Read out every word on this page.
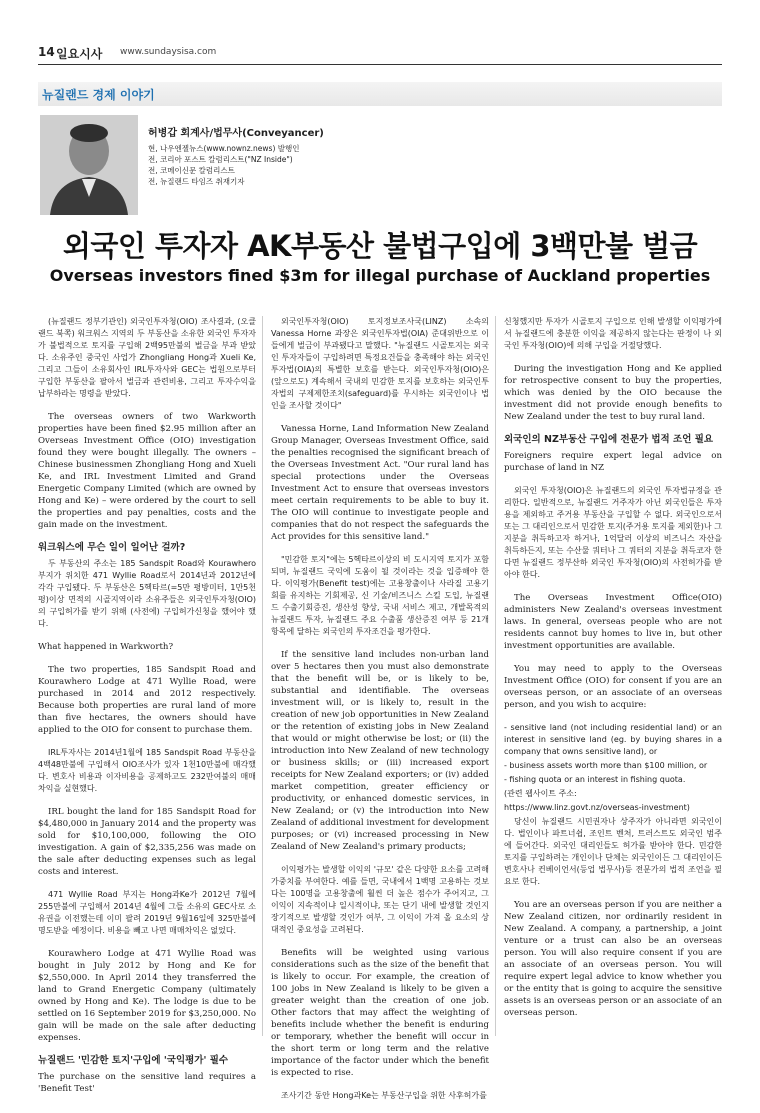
14 일요시사 www.sundaysisa.com
뉴질랜드 경제 이야기
허병갑 회계사/법무사(Conveyancer)
현, 나우엔젤뉴스(www.nownz.news) 발행인
전, 코리아 포스트 칼럼리스트("NZ Inside")
전, 코메이신문 칼럼리스트
전, 뉴질랜드 타임즈 취재기자
외국인 투자자 AK부동산 불법구입에 3백만불 벌금
Overseas investors fined $3m for illegal purchase of Auckland properties

(뉴질랜드 정부기관인) 외국인투자청(OIO) 조사결과, (오클랜드 북쪽) 워크워스 지역의 두 부동산을 소유한 외국인 투자자가 불법적으로 토지를 구입해 2백95만불의 벌금을 부과 받았다. 소유주인 중국인 사업가 Zhongliang Hong과 Xueli Ke, 그리고 그들이 소유회사인 IRL투자사와 GEC는 법원으로부터 구입한 부동산을 팔아서 벌금과 관련비용, 그리고 투자수익을 납부하라는 명령을 받았다.

The overseas owners of two Warkworth properties have been fined $2.95 million after an Overseas Investment Office (OIO) investigation found they were bought illegally. The owners – Chinese businessmen Zhongliang Hong and Xueli Ke, and IRL Investment Limited and Grand Energetic Company Limited (which are owned by Hong and Ke) – were ordered by the court to sell the properties and pay penalties, costs and the gain made on the investment.

워크워스에 무슨 일이 일어난 걸까?

두 부동산의 주소는 185 Sandspit Road와 Kourawhero 부지가 위치한 471 Wyllie Road로서 2014년과 2012년에 각각 구입됐다. 두 부동산은 5헥타르(=5만 평방미터, 1만5천평)이상 면적의 시골지역이라 소유주들은 외국인투자청(OIO) 의 구입허가를 받기 위해 (사전에) 구입허가신청을 했어야 했다.

What happened in Warkworth?

The two properties, 185 Sandspit Road and Kourawhero Lodge at 471 Wyllie Road, were purchased in 2014 and 2012 respectively. Because both properties are rural land of more than five hectares, the owners should have applied to the OIO for consent to purchase them.

IRL투자사는 2014년1월에 185 Sandspit Road 부동산을 4백48만불에 구입해서 OIO조사가 있자 1천10만불에 매각했다. 변호사 비용과 이자비용을 공제하고도 232만여불의 매매차익을 실현했다.

IRL bought the land for 185 Sandspit Road for $4,480,000 in January 2014 and the property was sold for $10,100,000, following the OIO investigation. A gain of $2,335,256 was made on the sale after deducting expenses such as legal costs and interest.

471 Wyllie Road 부지는 Hong과Ke가 2012년 7월에 255만불에 구입해서 2014년 4월에 그들 소유의 GEC사로 소유권을 이전했는데 이미 팔려 2019년 9월16일에 325만불에 명도받을 예정이다. 비용을 빼고 나면 매매차익은 없었다.

Kourawhero Lodge at 471 Wyllie Road was bought in July 2012 by Hong and Ke for $2,550,000. In April 2014 they transferred the land to Grand Energetic Company (ultimately owned by Hong and Ke). The lodge is due to be settled on 16 September 2019 for $3,250,000. No gain will be made on the sale after deducting expenses.

뉴질랜드 '민감한 토지'구입에 '국익평가' 필수

The purchase on the sensitive land requires a 'Benefit Test'

외국인투자청(OIO) 토지정보조사국(LINZ) 소속의 Vanessa Horne 과장은 외국인투자법(OIA) 준대위반으로 이들에게 벌금이 부과됐다고 말했다. "뉴질랜드 시골토지는 외국인 투자자들이 구입하려면 특정요건들을 충족해야 하는 외국인투자법(OIA)의 특별한 보호를 받는다. 외국인투자청(OIO)은 (앞으로도) 계속해서 국내의 민감한 토지를 보호하는 외국인투자법의 구제제한조치(safeguard)를 무시하는 외국인이나 법인을 조사할 것이다"

Vanessa Horne, Land Information New Zealand Group Manager, Overseas Investment Office, said the penalties recognised the significant breach of the Overseas Investment Act. "Our rural land has special protections under the Overseas Investment Act to ensure that overseas investors meet certain requirements to be able to buy it. The OIO will continue to investigate people and companies that do not respect the safeguards the Act provides for this sensitive land."

"민감한 토지"에는 5헥타르이상의 비 도시지역 토지가 포함되며, 뉴질랜드 국익에 도움이 될 것이라는 것을 입증해야 한다. 이익평가(Benefit test)에는 고용창출이나 사라질 고용기회를 유지하는 기회제공, 신 기술/비즈니스 스킬 도입, 뉴질랜드 수출기회증진, 생산성 향상, 국내 서비스 제고, 개발목적의 뉴질랜드 투자, 뉴질랜드 주요 수출품 생산증진 여부 등 21개 항목에 달하는 외국인의 투자조건을 평가한다.

If the sensitive land includes non-urban land over 5 hectares then you must also demonstrate that the benefit will be, or is likely to be, substantial and identifiable. The overseas investment will, or is likely to, result in the creation of new job opportunities in New Zealand or the retention of existing jobs in New Zealand that would or might otherwise be lost; or (ii) the introduction into New Zealand of new technology or business skills; or (iii) increased export receipts for New Zealand exporters; or (iv) added market competition, greater efficiency or productivity, or enhanced domestic services, in New Zealand; or (v) the introduction into New Zealand of additional investment for development purposes; or (vi) increased processing in New Zealand of New Zealand's primary products;

이익평가는 발생할 이익의 '규모' 같은 다양한 요소를 고려해 가중치를 부여한다. 예를 들면, 국내에서 1백명 고용하는 것보다는 100명을 고용창출에 훨씬 더 높은 점수가 주어지고, 그 이익이 지속적이냐 일시적이냐, 또는 단기 내에 발생할 것인지 장기적으로 발생할 것인가 여부, 그 이익이 가져 올 요소의 상대적인 중요성을 고려된다.

Benefits will be weighted using various considerations such as the size of the benefit that is likely to occur. For example, the creation of 100 jobs in New Zealand is likely to be given a greater weight than the creation of one job. Other factors that may affect the weighting of benefits include whether the benefit is enduring or temporary, whether the benefit will occur in the short term or long term and the relative importance of the factor under which the benefit is expected to rise.

조사기간 동안 Hong과Ke는 부동산구입을 위한 사후허가를

신청했지만 투자가 시골토지 구입으로 인해 발생할 이익평가에서 뉴질랜드에 충분한 이익을 제공하지 않는다는 판정이 나 외국인 투자청(OIO)에 의해 구입을 거절당했다.

During the investigation Hong and Ke applied for retrospective consent to buy the properties, which was denied by the OIO because the investment did not provide enough benefits to New Zealand under the test to buy rural land.

외국인의 NZ부동산 구입에 전문가 법적 조언 필요

Foreigners require expert legal advice on purchase of land in NZ

외국인 투자청(OIO)은 뉴질랜드의 외국인 투자법규정을 관리한다. 일반적으로, 뉴질랜드 거주자가 아닌 외국인들은 투자용을 제외하고 주거용 부동산을 구입할 수 없다. 외국인으로서 또는 그 대리인으로서 민감한 토지(주거용 토지를 제외한)나 그 지분을 취득하고자 하거나, 1억달러 이상의 비즈니스 자산을 취득하든지, 또는 수산물 쿼터나 그 쿼터의 지분을 취득코자 한다면 뉴질랜드 정부산하 외국인 투자청(OIO)의 사전허가를 받아야 한다.

The Overseas Investment Office(OIO) administers New Zealand's overseas investment laws. In general, overseas people who are not residents cannot buy homes to live in, but other investment opportunities are available.

You may need to apply to the Overseas Investment Office (OIO) for consent if you are an overseas person, or an associate of an overseas person, and you wish to acquire:

- sensitive land (not including residential land) or an interest in sensitive land (eg. by buying shares in a company that owns sensitive land), or

- business assets worth more than $100 million, or

- fishing quota or an interest in fishing quota.

(관련 웹사이트 주소:

https://www.linz.govt.nz/overseas-investment)

당신이 뉴질랜드 시민권자나 상주자가 아니라면 외국인이다. 법인이나 파트너쉽, 조인트 벤처, 트러스트도 외국인 범주에 들어간다. 외국인 대리인들도 허가를 받아야 한다. 민감한 토지를 구입하려는 개인이나 단체는 외국인이든 그 대리인이든 변호사나 컨베이언서(등업 법무사)등 전문가의 법적 조언을 필요로 한다.

You are an overseas person if you are neither a New Zealand citizen, nor ordinarily resident in New Zealand. A company, a partnership, a joint venture or a trust can also be an overseas person. You will also require consent if you are an associate of an overseas person. You will require expert legal advice to know whether you or the entity that is going to acquire the sensitive assets is an overseas person or an associate of an overseas person.
